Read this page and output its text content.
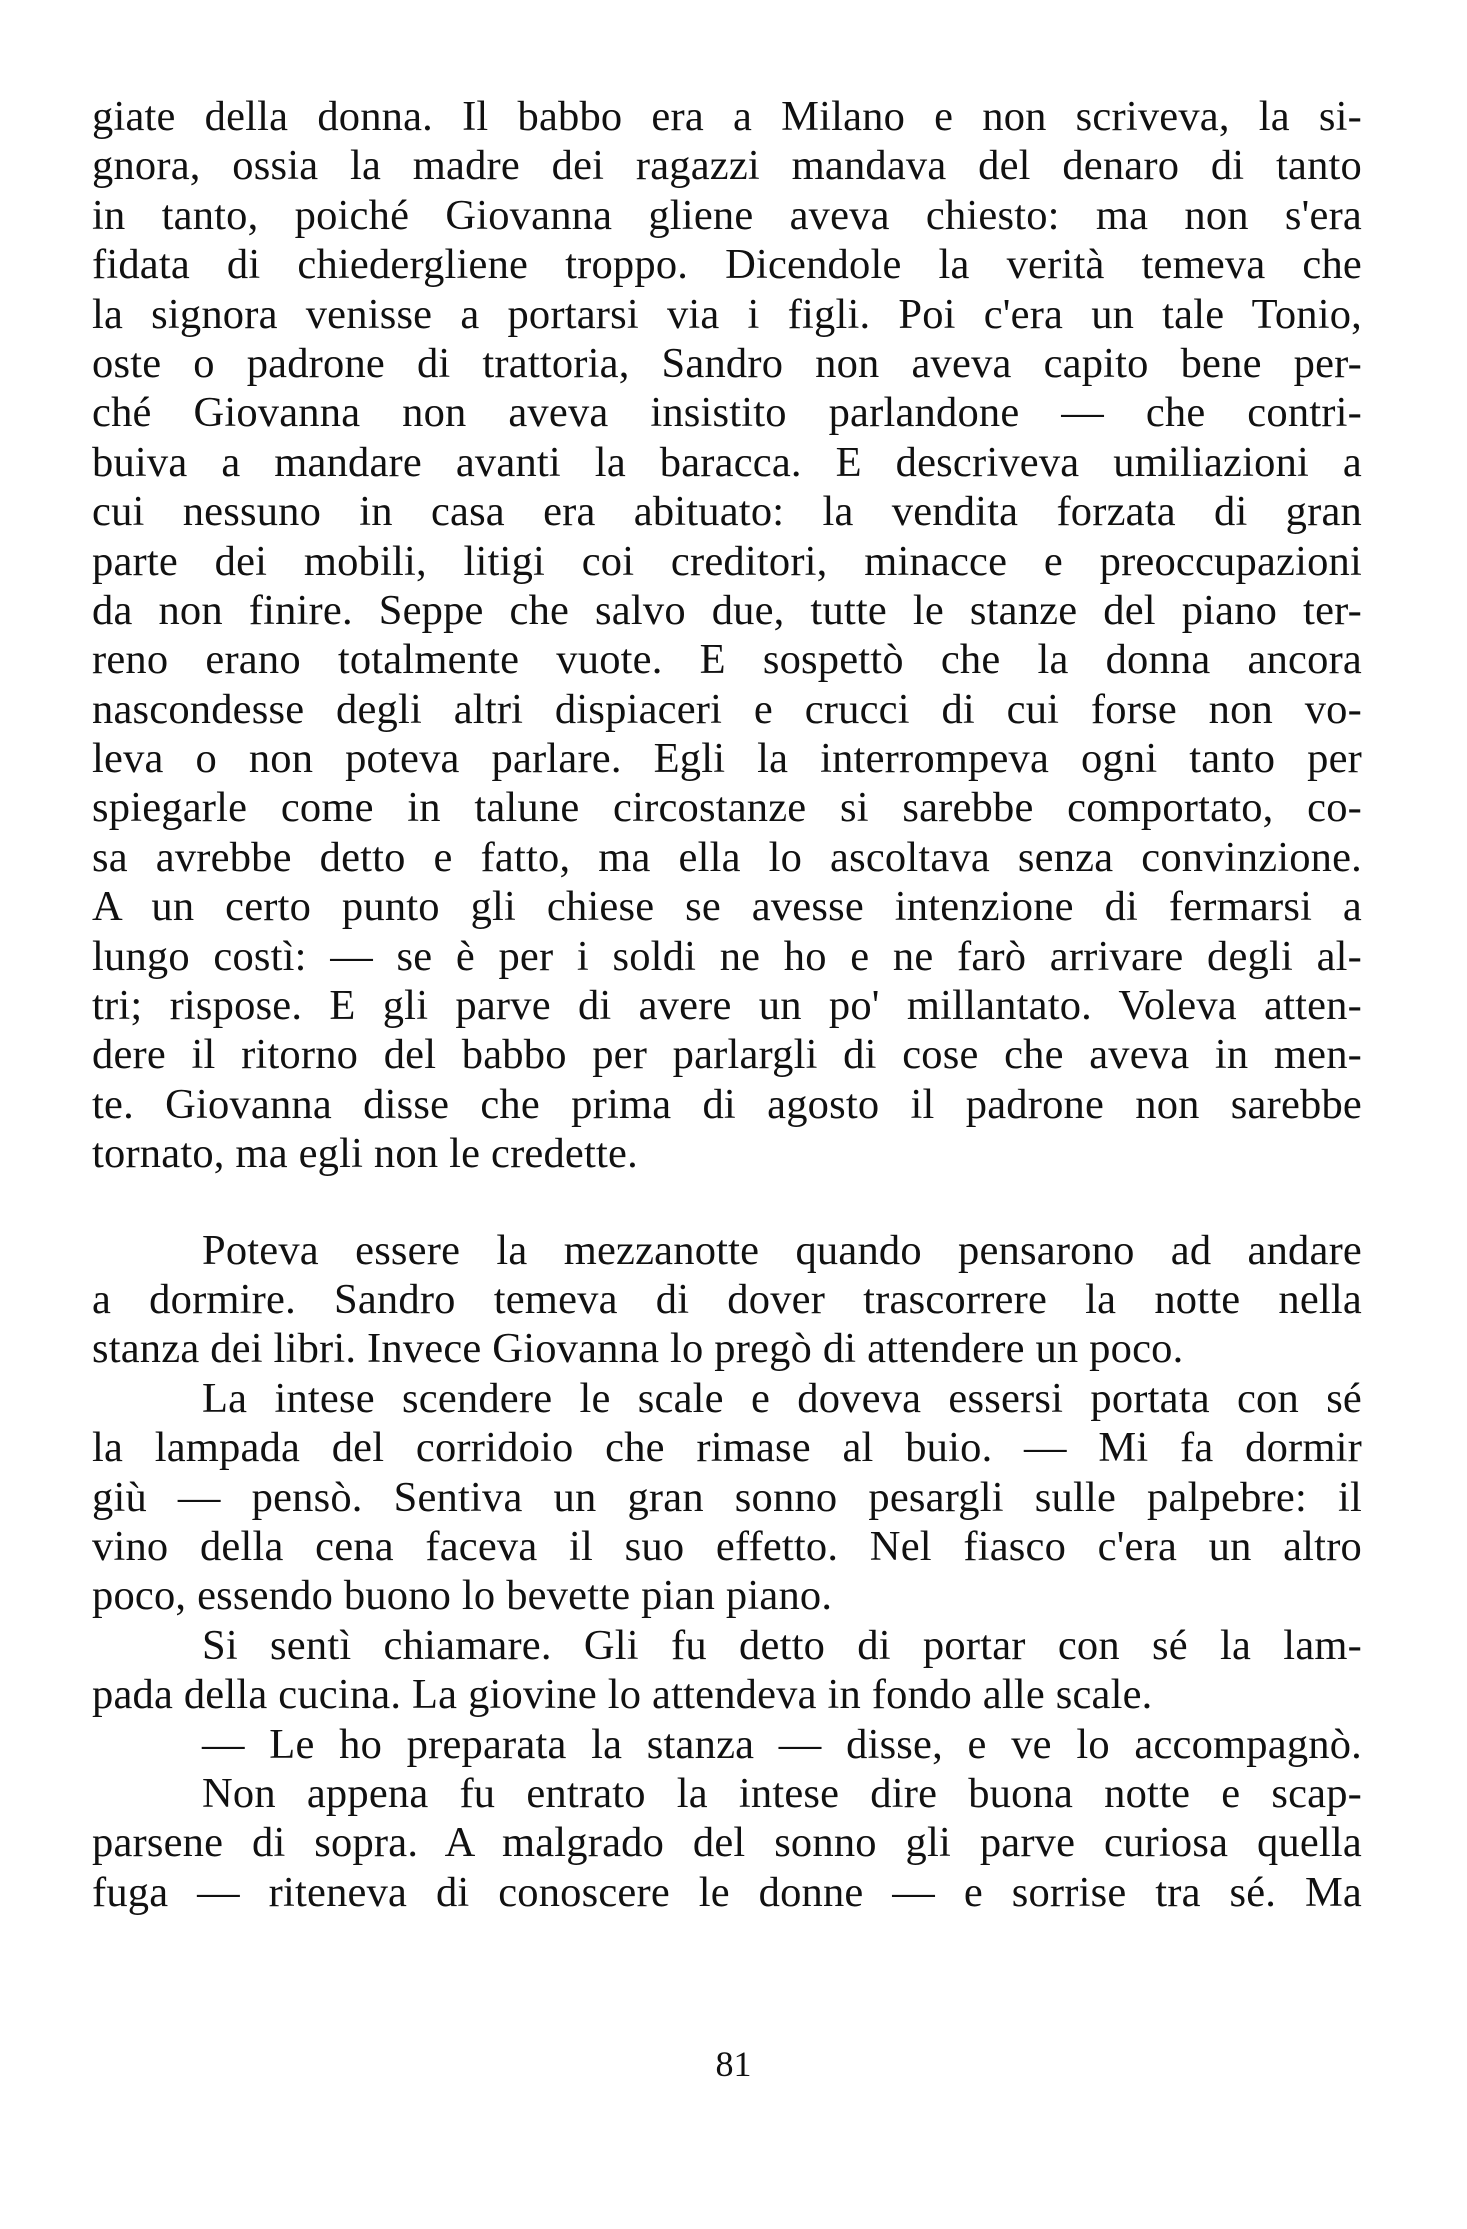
giate della donna. Il babbo era a Milano e non scriveva, la si-
gnora, ossia la madre dei ragazzi mandava del denaro di tanto
in tanto, poiché Giovanna gliene aveva chiesto: ma non s'era
fidata di chiedergliene troppo. Dicendole la verità temeva che
la signora venisse a portarsi via i figli. Poi c'era un tale Tonio,
oste o padrone di trattoria, Sandro non aveva capito bene per-
ché Giovanna non aveva insistito parlandone — che contri-
buiva a mandare avanti la baracca. E descriveva umiliazioni a
cui nessuno in casa era abituato: la vendita forzata di gran
parte dei mobili, litigi coi creditori, minacce e preoccupazioni
da non finire. Seppe che salvo due, tutte le stanze del piano ter-
reno erano totalmente vuote. E sospettò che la donna ancora
nascondesse degli altri dispiaceri e crucci di cui forse non vo-
leva o non poteva parlare. Egli la interrompeva ogni tanto per
spiegarle come in talune circostanze si sarebbe comportato, co-
sa avrebbe detto e fatto, ma ella lo ascoltava senza convinzione.
A un certo punto gli chiese se avesse intenzione di fermarsi a
lungo costì: — se è per i soldi ne ho e ne farò arrivare degli al-
tri; rispose. E gli parve di avere un po' millantato. Voleva atten-
dere il ritorno del babbo per parlargli di cose che aveva in men-
te. Giovanna disse che prima di agosto il padrone non sarebbe
tornato, ma egli non le credette.
Poteva essere la mezzanotte quando pensarono ad andare
a dormire. Sandro temeva di dover trascorrere la notte nella
stanza dei libri. Invece Giovanna lo pregò di attendere un poco.
La intese scendere le scale e doveva essersi portata con sé
la lampada del corridoio che rimase al buio. — Mi fa dormir
giù — pensò. Sentiva un gran sonno pesargli sulle palpebre: il
vino della cena faceva il suo effetto. Nel fiasco c'era un altro
poco, essendo buono lo bevette pian piano.
Si sentì chiamare. Gli fu detto di portar con sé la lam-
pada della cucina. La giovine lo attendeva in fondo alle scale.
— Le ho preparata la stanza — disse, e ve lo accompagnò.
Non appena fu entrato la intese dire buona notte e scap-
parsene di sopra. A malgrado del sonno gli parve curiosa quella
fuga — riteneva di conoscere le donne — e sorrise tra sé. Ma
81
